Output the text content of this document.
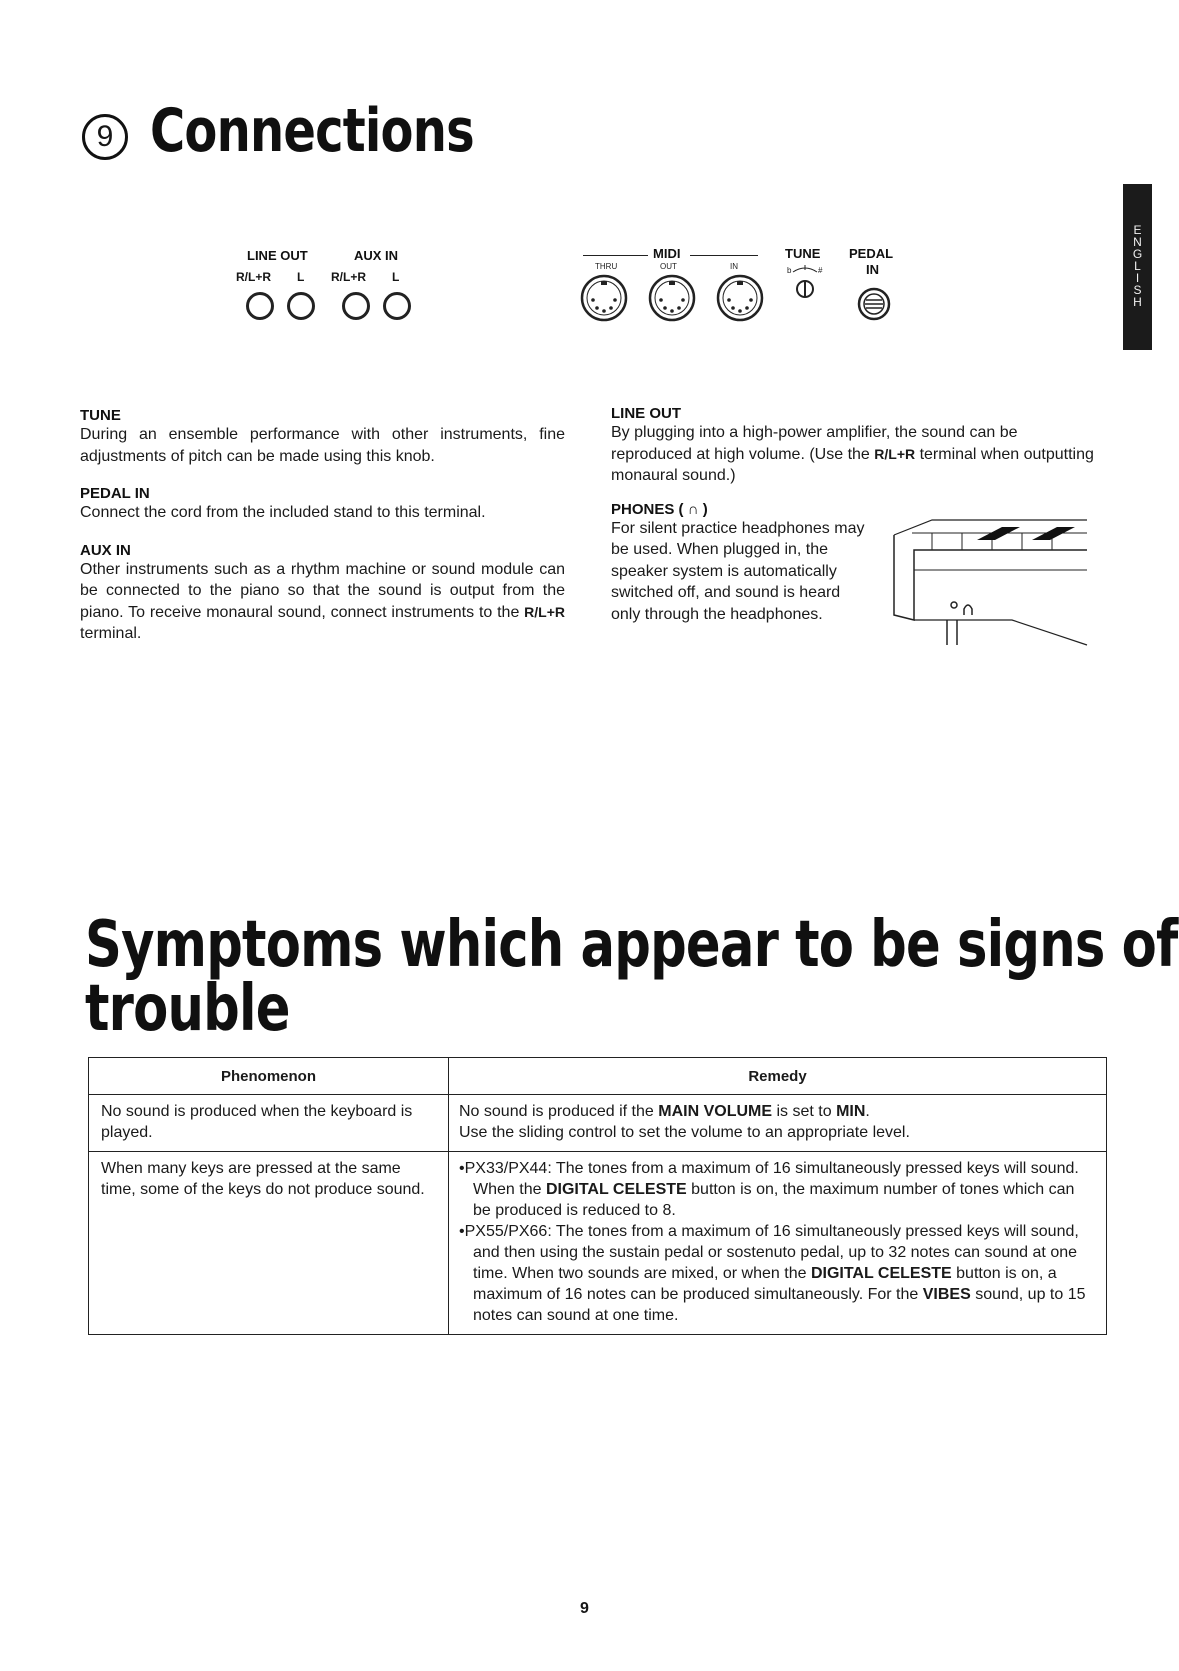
9 Connections
E
N
G
L
I
S
H
LINE OUT	AUX IN
R/L+R L R/L+R L
MIDI
THRU	OUT	IN
TUNE
b	#
PEDAL
IN
TUNE
During an ensemble performance with other instruments, fine adjustments of pitch can be made using this knob.
PEDAL IN
Connect the cord from the included stand to this terminal.
AUX IN
Other instruments such as a rhythm machine or sound module can be connected to the piano so that the sound is output from the piano. To receive monaural sound, connect instruments to the R/L+R terminal.
LINE OUT
By plugging into a high-power amplifier, the sound can be reproduced at high volume. (Use the R/L+R terminal when outputting monaural sound.)
PHONES ( ∩ )
For silent practice headphones may be used. When plugged in, the speaker system is automatically switched off, and sound is heard only through the headphones.
Symptoms which appear to be signs of
trouble
Phenomenon	Remedy
No sound is produced when the keyboard is played.	No sound is produced if the MAIN VOLUME is set to MIN.

Use the sliding control to set the volume to an appropriate level.

When many keys are pressed at the same time, some of the keys do not produce sound.	•PX33/PX44: The tones from a maximum of 16 simultaneously pressed keys will sound. When the DIGITAL CELESTE button is on, the maximum number of tones which can be produced is reduced to 8.

•PX55/PX66: The tones from a maximum of 16 simultaneously pressed keys will sound, and then using the sustain pedal or sostenuto pedal, up to 32 notes can sound at one time. When two sounds are mixed, or when the DIGITAL CELESTE button is on, a maximum of 16 notes can be produced simultaneously. For the VIBES sound, up to 15 notes can sound at one time.

9
